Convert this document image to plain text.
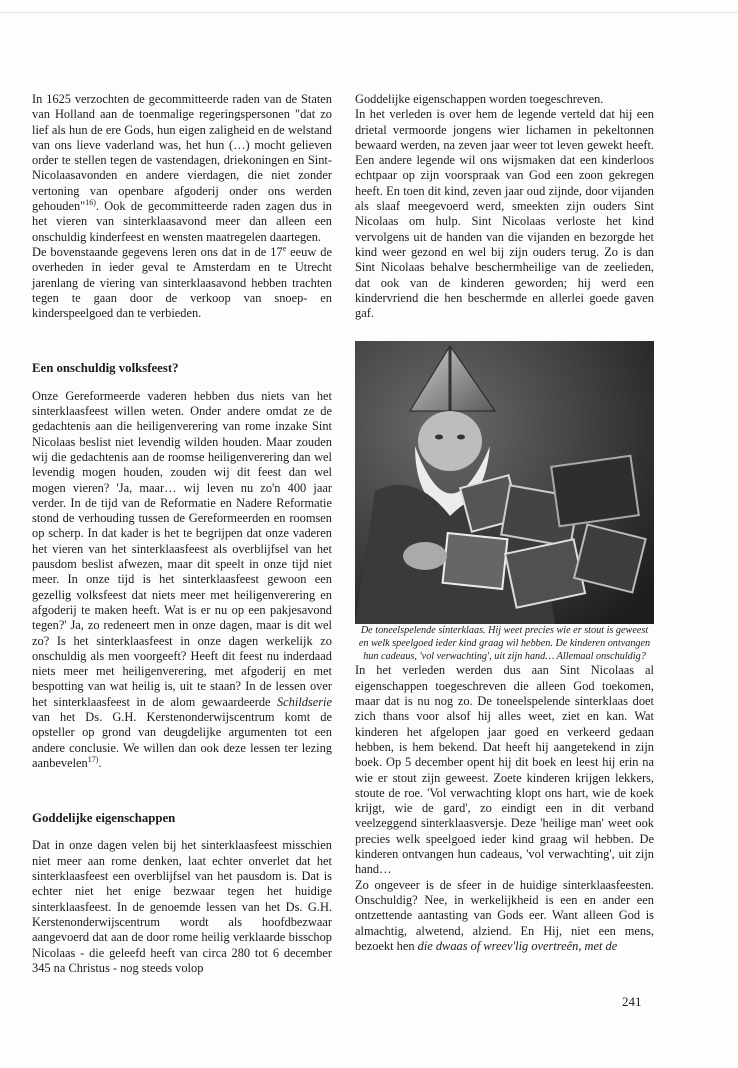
In 1625 verzochten de gecommitteerde raden van de Staten van Holland aan de toenmalige regeringspersonen "dat zo lief als hun de ere Gods, hun eigen zaligheid en de welstand van ons lieve vaderland was, het hun (…) mocht gelieven order te stellen tegen de vastendagen, driekoningen en Sint-Nicolaasavonden en andere vierdagen, die niet zonder vertoning van openbare afgoderij onder ons werden gehouden"$^{16)}$. Ook de gecommitteerde raden zagen dus in het vieren van sinterklaasavond meer dan alleen een onschuldig kinderfeest en wensten maatregelen daartegen.

De bovenstaande gegevens leren ons dat in de 17e eeuw de overheden in ieder geval te Amsterdam en te Utrecht jarenlang de viering van sinterklaasavond hebben trachten tegen te gaan door de verkoop van snoep- en kinderspeelgoed dan te verbieden.

Een onschuldig volksfeest?

Onze Gereformeerde vaderen hebben dus niets van het sinterklaasfeest willen weten. Onder andere omdat ze de gedachtenis aan die heiligenverering van rome inzake Sint Nicolaas beslist niet levendig wilden houden. Maar zouden wij die gedachtenis aan de roomse heiligenverering dan wel levendig mogen houden, zouden wij dit feest dan wel mogen vieren? 'Ja, maar… wij leven nu zo'n 400 jaar verder. In de tijd van de Reformatie en Nadere Reformatie stond de verhouding tussen de Gereformeerden en roomsen op scherp. In dat kader is het te begrijpen dat onze vaderen het vieren van het sinterklaasfeest als overblijfsel van het pausdom beslist afwezen, maar dit speelt in onze tijd niet meer. In onze tijd is het sinterklaasfeest gewoon een gezellig volksfeest dat niets meer met heiligenverering en afgoderij te maken heeft. Wat is er nu op een pakjesavond tegen?' Ja, zo redeneert men in onze dagen, maar is dit wel zo? Is het sinterklaasfeest in onze dagen werkelijk zo onschuldig als men voorgeeft? Heeft dit feest nu inderdaad niets meer met heiligenverering, met afgoderij en met bespotting van wat heilig is, uit te staan? In de lessen over het sinterklaasfeest in de alom gewaardeerde Schildserie van het Ds. G.H. Kerstenonderwijscentrum komt de opsteller op grond van deugdelijke argumenten tot een andere conclusie. We willen dan ook deze lessen ter lezing aanbevelen$^{17)}$.

Goddelijke eigenschappen

Dat in onze dagen velen bij het sinterklaasfeest misschien niet meer aan rome denken, laat echter onverlet dat het sinterklaasfeest een overblijfsel van het pausdom is. Dat is echter niet het enige bezwaar tegen het huidige sinterklaasfeest. In de genoemde lessen van het Ds. G.H. Kerstenonderwijscentrum wordt als hoofdbezwaar aangevoerd dat aan de door rome heilig verklaarde bisschop Nicolaas - die geleefd heeft van circa 280 tot 6 december 345 na Christus - nog steeds volop

Goddelijke eigenschappen worden toegeschreven.

In het verleden is over hem de legende verteld dat hij een drietal vermoorde jongens wier lichamen in pekeltonnen bewaard werden, na zeven jaar weer tot leven gewekt heeft. Een andere legende wil ons wijsmaken dat een kinderloos echtpaar op zijn voorspraak van God een zoon gekregen heeft. En toen dit kind, zeven jaar oud zijnde, door vijanden als slaaf meegevoerd werd, smeekten zijn ouders Sint Nicolaas om hulp. Sint Nicolaas verloste het kind vervolgens uit de handen van die vijanden en bezorgde het kind weer gezond en wel bij zijn ouders terug. Zo is dan Sint Nicolaas behalve beschermheilige van de zeelieden, dat ook van de kinderen geworden; hij werd een kindervriend die hen beschermde en allerlei goede gaven gaf.

De toneelspelende sinterklaas. Hij weet precies wie er stout is geweest en welk speelgoed ieder kind graag wil hebben. De kinderen ontvangen hun cadeaus, 'vol verwachting', uit zijn hand… Allemaal onschuldig?

In het verleden werden dus aan Sint Nicolaas al eigenschappen toegeschreven die alleen God toekomen, maar dat is nu nog zo. De toneelspelende sinterklaas doet zich thans voor alsof hij alles weet, ziet en kan. Wat kinderen het afgelopen jaar goed en verkeerd gedaan hebben, is hem bekend. Dat heeft hij aangetekend in zijn boek. Op 5 december opent hij dit boek en leest hij erin na wie er stout zijn geweest. Zoete kinderen krijgen lekkers, stoute de roe. 'Vol verwachting klopt ons hart, wie de koek krijgt, wie de gard', zo eindigt een in dit verband veelzeggend sinterklaasversje. Deze 'heilige man' weet ook precies welk speelgoed ieder kind graag wil hebben. De kinderen ontvangen hun cadeaus, 'vol verwachting', uit zijn hand…

Zo ongeveer is de sfeer in de huidige sinterklaasfeesten. Onschuldig? Nee, in werkelijkheid is een en ander een ontzettende aantasting van Gods eer. Want alleen God is almachtig, alwetend, alziend. En Hij, niet een mens, bezoekt hen die dwaas of wreev'lig overtreên, met de

241
